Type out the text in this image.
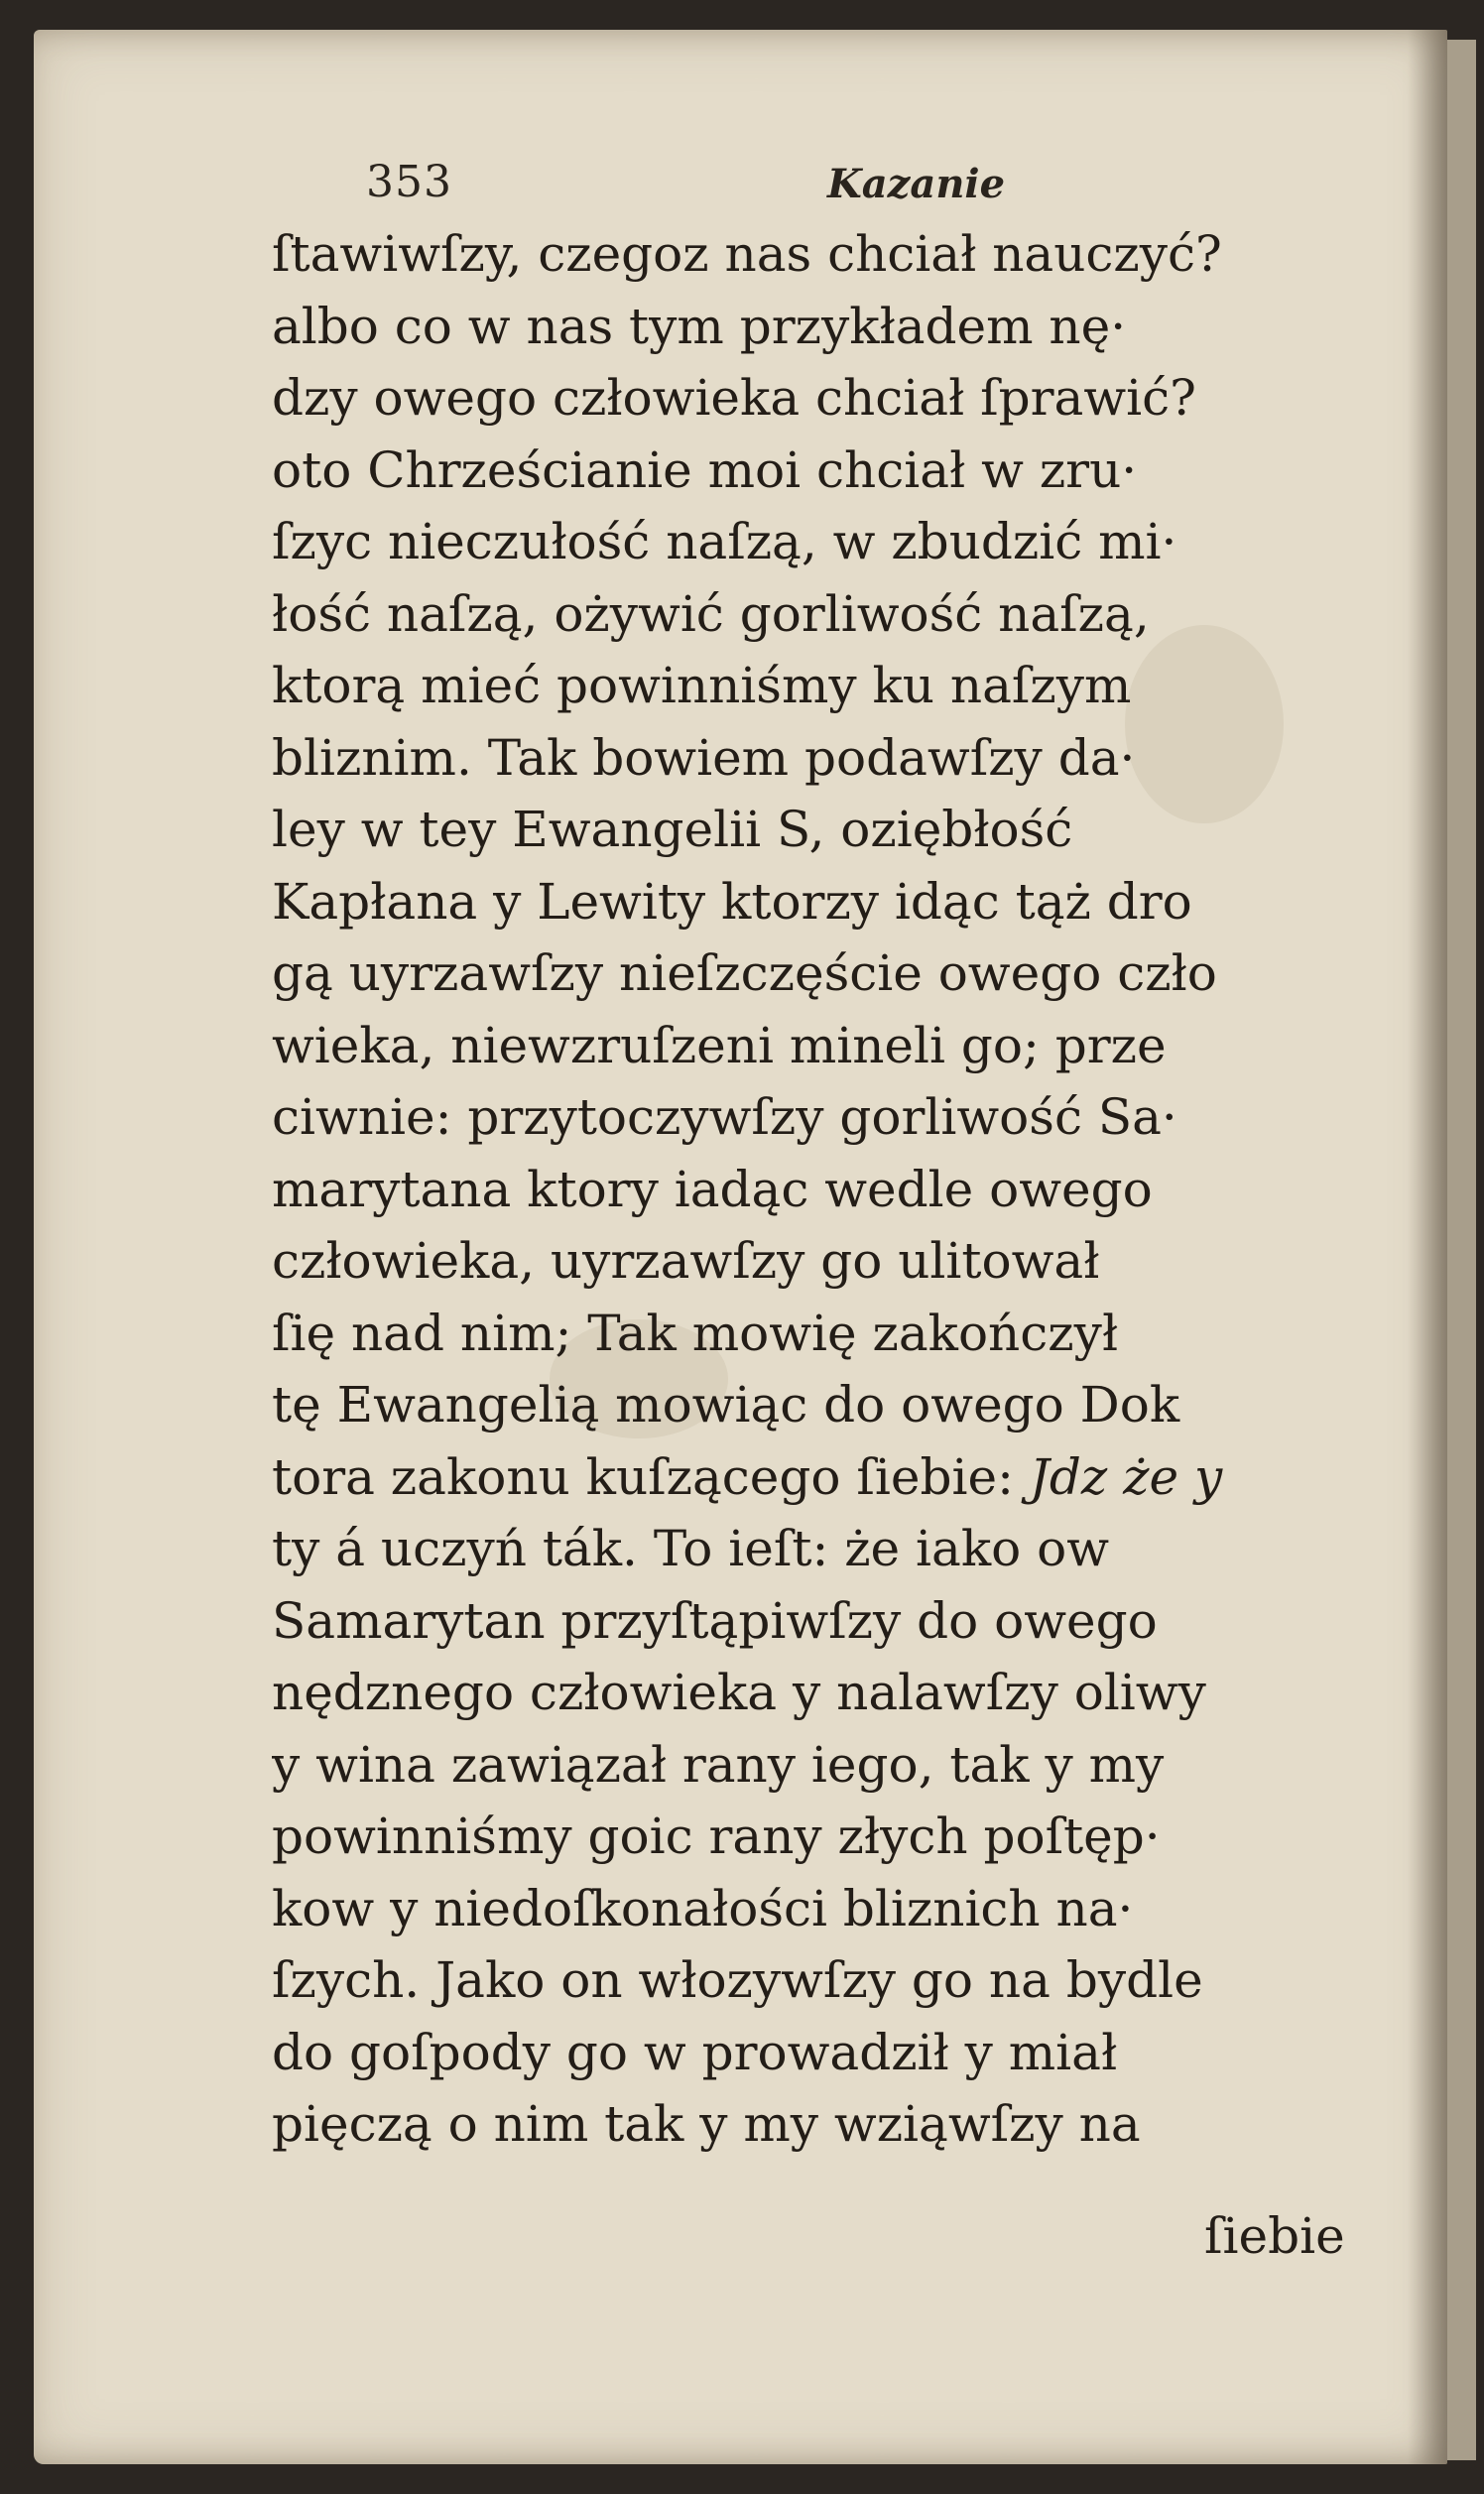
353	Kazanie
ſtawiwſzy, czegoz nas chciał nauczyć?
albo co w nas tym przykładem nę·
dzy owego człowieka chciał ſprawić?
oto Chrześcianie moi chciał w zru·
ſzyc nieczułość naſzą, w zbudzić mi·
łość naſzą, ożywić gorliwość naſzą,
ktorą mieć powinniśmy ku naſzym
bliznim. Tak bowiem podawſzy da·
ley w tey Ewangelii S, oziębłość
Kapłana y Lewity ktorzy idąc tąż dro
gą uyrzawſzy nieſzczęście owego czło
wieka, niewzruſzeni mineli go; prze
ciwnie: przytoczywſzy gorliwość Sa·
marytana ktory iadąc wedle owego
człowieka, uyrzawſzy go ulitował
ſię nad nim; Tak mowię zakończył
tę Ewangelią mowiąc do owego Dok
tora zakonu kuſzącego ſiebie: Jdz że y
ty á uczyń ták. To ieſt: że iako ow
Samarytan przyſtąpiwſzy do owego
nędznego człowieka y nalawſzy oliwy
y wina zawiązał rany iego, tak y my
powinniśmy goic rany złych poſtęp·
kow y niedoſkonałości bliznich na·
ſzych. Jako on włozywſzy go na bydle
do goſpody go w prowadził y miał
pięczą o nim tak y my wziąwſzy na
ſiebie
